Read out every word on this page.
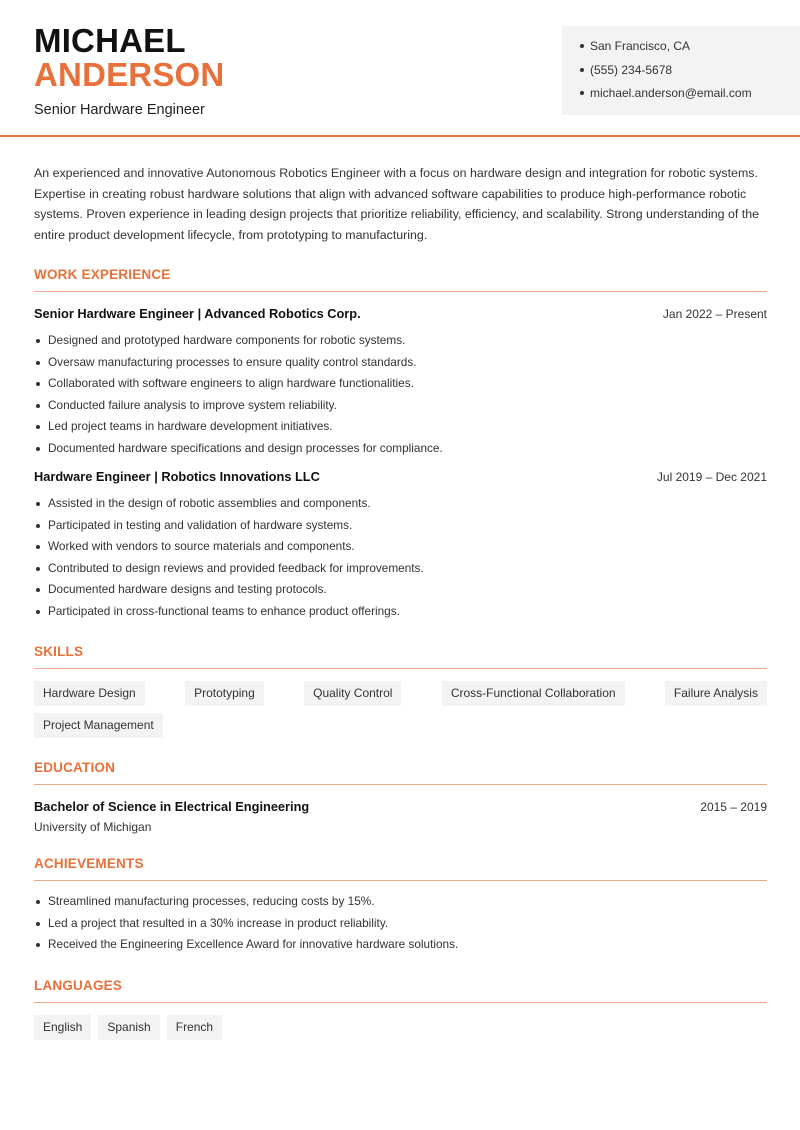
MICHAEL
ANDERSON
Senior Hardware Engineer
San Francisco, CA
(555) 234-5678
michael.anderson@email.com

An experienced and innovative Autonomous Robotics Engineer with a focus on hardware design and integration for robotic systems. Expertise in creating robust hardware solutions that align with advanced software capabilities to produce high-performance robotic systems. Proven experience in leading design projects that prioritize reliability, efficiency, and scalability. Strong understanding of the entire product development lifecycle, from prototyping to manufacturing.

WORK EXPERIENCE
Senior Hardware Engineer | Advanced Robotics Corp.	Jan 2022 – Present
Designed and prototyped hardware components for robotic systems.
Oversaw manufacturing processes to ensure quality control standards.
Collaborated with software engineers to align hardware functionalities.
Conducted failure analysis to improve system reliability.
Led project teams in hardware development initiatives.
Documented hardware specifications and design processes for compliance.
Hardware Engineer | Robotics Innovations LLC	Jul 2019 – Dec 2021
Assisted in the design of robotic assemblies and components.
Participated in testing and validation of hardware systems.
Worked with vendors to source materials and components.
Contributed to design reviews and provided feedback for improvements.
Documented hardware designs and testing protocols.
Participated in cross-functional teams to enhance product offerings.
SKILLS
Hardware Design	Prototyping	Quality Control	Cross-Functional Collaboration	Failure Analysis
Project Management
EDUCATION
Bachelor of Science in Electrical Engineering	2015 – 2019
University of Michigan
ACHIEVEMENTS
Streamlined manufacturing processes, reducing costs by 15%.
Led a project that resulted in a 30% increase in product reliability.
Received the Engineering Excellence Award for innovative hardware solutions.
LANGUAGES
English	Spanish	French
